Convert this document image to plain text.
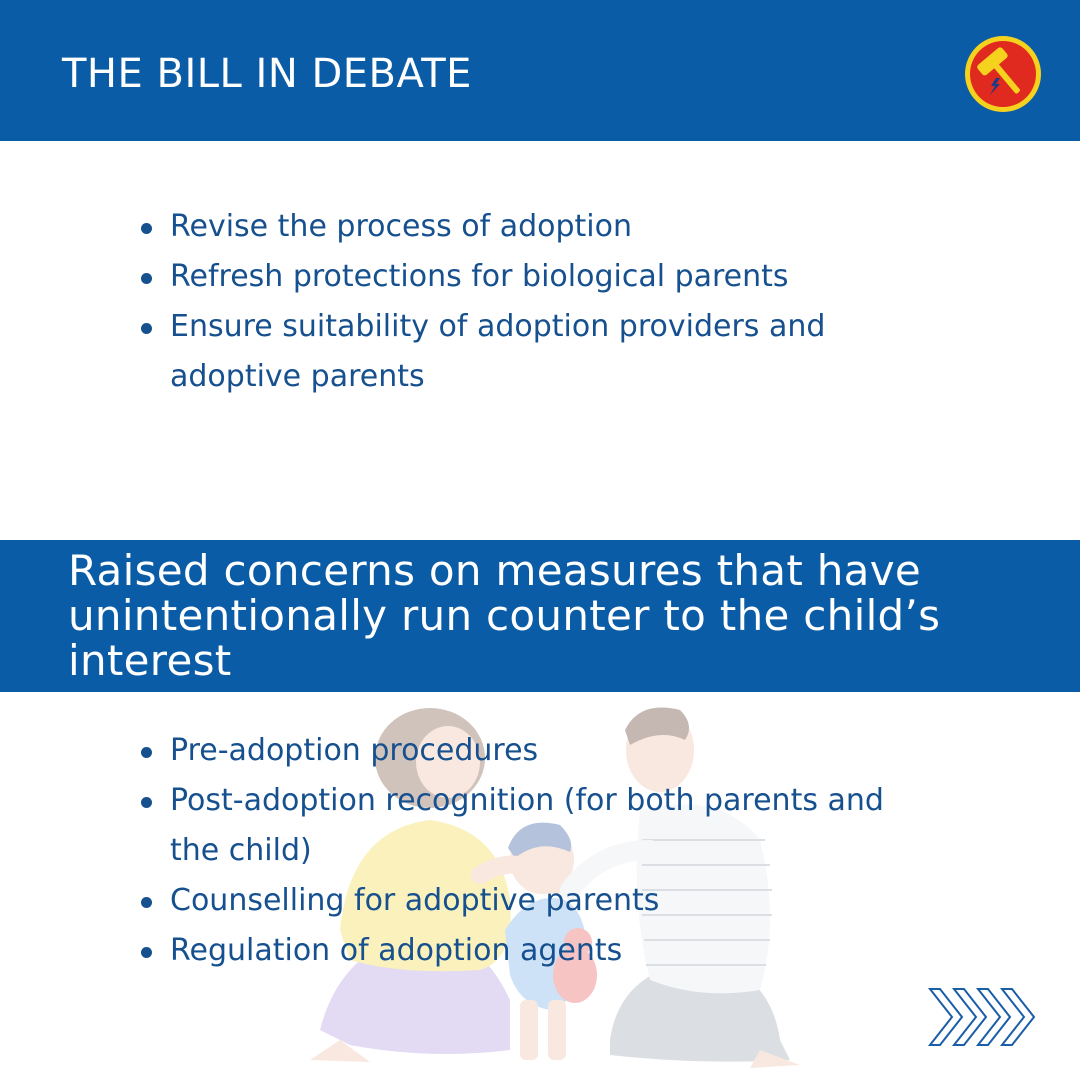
THE BILL IN DEBATE
Revise the process of adoption
Refresh protections for biological parents
Ensure suitability of adoption providers and adoptive parents

Raised concerns on measures that have unintentionally run counter to the child’s interest

Pre-adoption procedures
Post-adoption recognition (for both parents and the child)
Counselling for adoptive parents
Regulation of adoption agents
